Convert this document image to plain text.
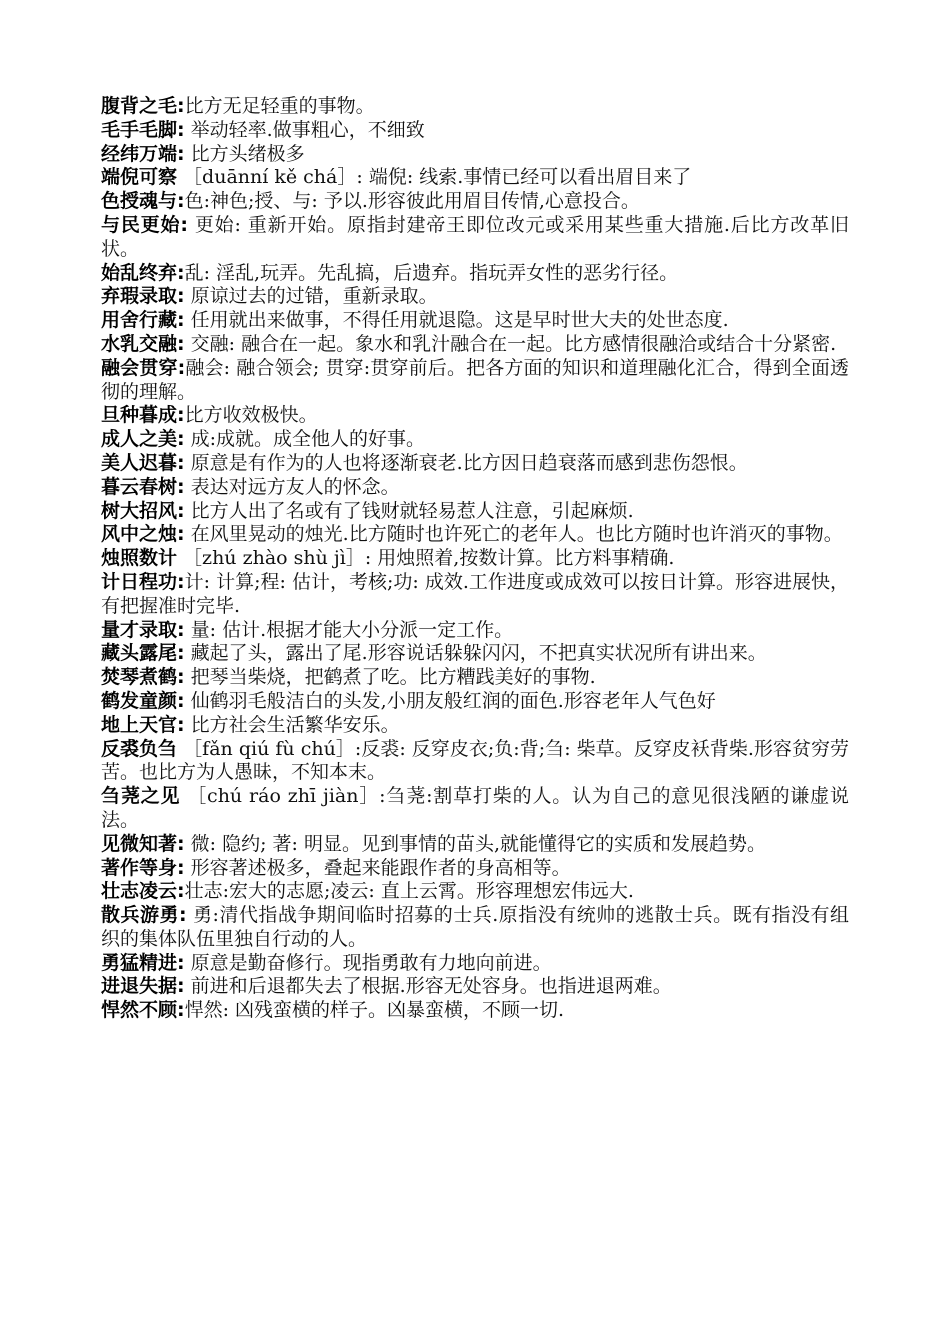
腹背之毛:比方无足轻重的事物。

毛手毛脚: 举动轻率.做事粗心，不细致

经纬万端: 比方头绪极多

端倪可察 ［duānní kě chá］: 端倪: 线索.事情已经可以看出眉目来了

色授魂与:色:神色;授、与: 予以.形容彼此用眉目传情,心意投合。

与民更始: 更始: 重新开始。原指封建帝王即位改元或采用某些重大措施.后比方改革旧状。

始乱终弃:乱: 淫乱,玩弄。先乱搞，后遗弃。指玩弄女性的恶劣行径。

弃瑕录取: 原谅过去的过错，重新录取。

用舍行藏: 任用就出来做事，不得任用就退隐。这是早时世大夫的处世态度.

水乳交融: 交融: 融合在一起。象水和乳汁融合在一起。比方感情很融洽或结合十分紧密.

融会贯穿:融会: 融合领会; 贯穿:贯穿前后。把各方面的知识和道理融化汇合，得到全面透彻的理解。

旦种暮成:比方收效极快。

成人之美: 成:成就。成全他人的好事。

美人迟暮: 原意是有作为的人也将逐渐衰老.比方因日趋衰落而感到悲伤怨恨。

暮云春树: 表达对远方友人的怀念。

树大招风: 比方人出了名或有了钱财就轻易惹人注意，引起麻烦.

风中之烛: 在风里晃动的烛光.比方随时也许死亡的老年人。也比方随时也许消灭的事物。

烛照数计 ［zhú zhào shù jì］: 用烛照着,按数计算。比方料事精确.

计日程功:计: 计算;程: 估计，考核;功: 成效.工作进度或成效可以按日计算。形容进展快，有把握准时完毕.

量才录取: 量: 估计.根据才能大小分派一定工作。

藏头露尾: 藏起了头，露出了尾.形容说话躲躲闪闪，不把真实状况所有讲出来。

焚琴煮鹤: 把琴当柴烧，把鹤煮了吃。比方糟践美好的事物.

鹤发童颜: 仙鹤羽毛般洁白的头发,小朋友般红润的面色.形容老年人气色好

地上天官: 比方社会生活繁华安乐。

反裘负刍 ［fǎn qiú fù chú］:反裘: 反穿皮衣;负:背;刍: 柴草。反穿皮袄背柴.形容贫穷劳苦。也比方为人愚昧，不知本末。

刍荛之见 ［chú ráo zhī jiàn］:刍荛:割草打柴的人。认为自己的意见很浅陋的谦虚说法。

见微知著: 微: 隐约; 著: 明显。见到事情的苗头,就能懂得它的实质和发展趋势。

著作等身: 形容著述极多，叠起来能跟作者的身高相等。

壮志凌云:壮志:宏大的志愿;凌云: 直上云霄。形容理想宏伟远大.

散兵游勇: 勇:清代指战争期间临时招募的士兵.原指没有统帅的逃散士兵。既有指没有组织的集体队伍里独自行动的人。

勇猛精进: 原意是勤奋修行。现指勇敢有力地向前进。

进退失据: 前进和后退都失去了根据.形容无处容身。也指进退两难。

悍然不顾:悍然: 凶残蛮横的样子。凶暴蛮横，不顾一切.
